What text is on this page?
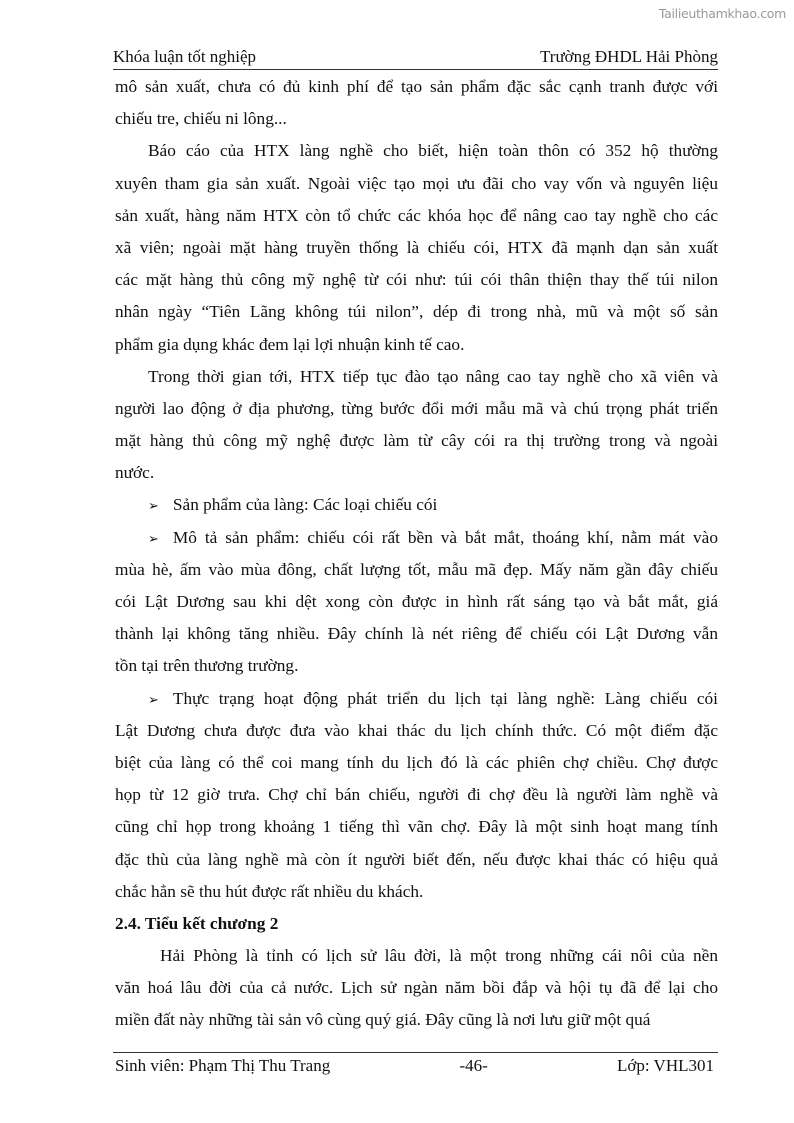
Tailieuthamkhao.com
Khóa luận tốt nghiệp	Trường ĐHDL Hải Phòng
mô sản xuất, chưa có đủ kinh phí để tạo sản phẩm đặc sắc cạnh tranh được với
chiếu tre, chiếu ni lông...
Báo cáo của HTX làng nghề cho biết, hiện toàn thôn có 352 hộ thường
xuyên tham gia sản xuất. Ngoài việc tạo mọi ưu đãi cho vay vốn và nguyên liệu
sản xuất, hàng năm HTX còn tổ chức các khóa học để nâng cao tay nghề cho các
xã viên; ngoài mặt hàng truyền thống là chiếu cói, HTX đã mạnh dạn sản xuất
các mặt hàng thủ công mỹ nghệ từ cói như: túi cói thân thiện thay thế túi nilon
nhân ngày “Tiên Lãng không túi nilon”, dép đi trong nhà, mũ và một số sản
phẩm gia dụng khác đem lại lợi nhuận kinh tế cao.
Trong thời gian tới, HTX tiếp tục đào tạo nâng cao tay nghề cho xã viên và
người lao động ở địa phương, từng bước đổi mới mẫu mã và chú trọng phát triển
mặt hàng thủ công mỹ nghệ được làm từ cây cói ra thị trường trong và ngoài
nước.
➢ Sản phẩm của làng: Các loại chiếu cói
➢ Mô tả sản phẩm: chiếu cói rất bền và bắt mắt, thoáng khí, nằm mát vào
mùa hè, ấm vào mùa đông, chất lượng tốt, mẫu mã đẹp. Mấy năm gần đây chiếu
cói Lật Dương sau khi dệt xong còn được in hình rất sáng tạo và bắt mắt, giá
thành lại không tăng nhiều. Đây chính là nét riêng để chiếu cói Lật Dương vẫn
tồn tại trên thương trường.
➢ Thực trạng hoạt động phát triển du lịch tại làng nghề: Làng chiếu cói
Lật Dương chưa được đưa vào khai thác du lịch chính thức. Có một điểm đặc
biệt của làng có thể coi mang tính du lịch đó là các phiên chợ chiều. Chợ được
họp từ 12 giờ trưa. Chợ chỉ bán chiếu, người đi chợ đều là người làm nghề và
cũng chỉ họp trong khoảng 1 tiếng thì vãn chợ. Đây là một sinh hoạt mang tính
đặc thù của làng nghề mà còn ít người biết đến, nếu được khai thác có hiệu quả
chắc hẳn sẽ thu hút được rất nhiều du khách.
2.4. Tiểu kết chương 2
Hải Phòng là tỉnh có lịch sử lâu đời, là một trong những cái nôi của nền
văn hoá lâu đời của cả nước. Lịch sử ngàn năm bồi đắp và hội tụ đã để lại cho
miền đất này những tài sản vô cùng quý giá. Đây cũng là nơi lưu giữ một quá
Sinh viên: Phạm Thị Thu Trang	-46-	Lớp: VHL301
